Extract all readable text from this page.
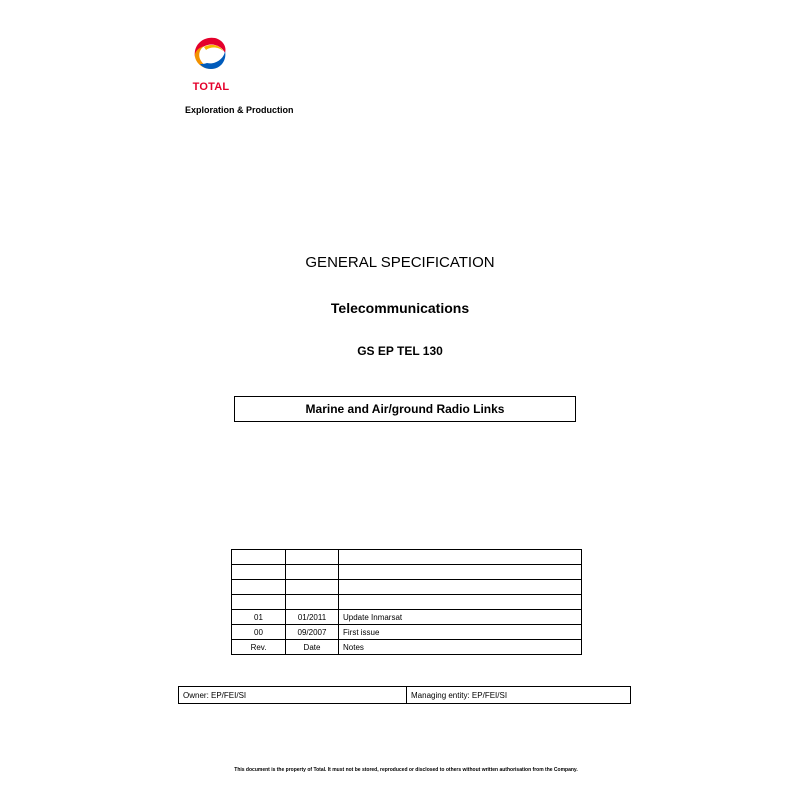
TOTAL
Exploration & Production
GENERAL SPECIFICATION
Telecommunications
GS EP TEL 130
Marine and Air/ground Radio Links

01	01/2011	Update Inmarsat
00	09/2007	First issue
Rev.	Date	Notes
Owner: EP/FEI/SI	Managing entity: EP/FEI/SI
This document is the property of Total. It must not be stored, reproduced or disclosed to others without written authorisation from the Company.
